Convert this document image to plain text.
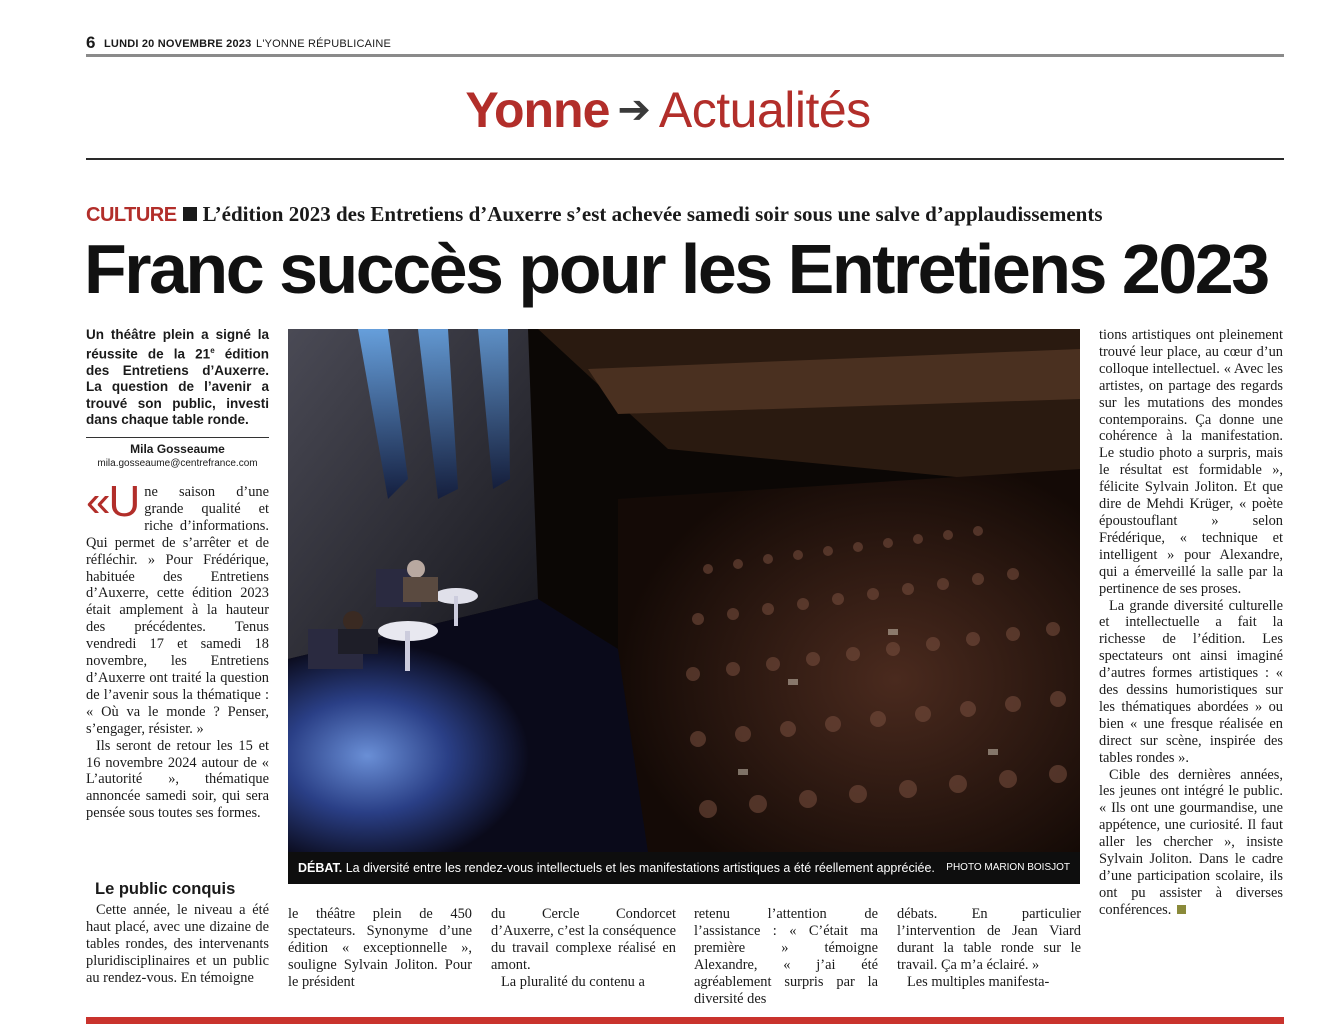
6 LUNDI 20 NOVEMBRE 2023 L'YONNE RÉPUBLICAINE
Yonne ➔ Actualités
CULTURE L’édition 2023 des Entretiens d’Auxerre s’est achevée samedi soir sous une salve d’applaudissements
Franc succès pour les Entretiens 2023
Un théâtre plein a signé la réussite de la 21e édition des Entretiens d’Auxerre. La question de l’avenir a trouvé son public, investi dans chaque table ronde.
Mila Gosseaume
mila.gosseaume@centrefrance.com

«Une saison d’une grande qualité et riche d’informations. Qui permet de s’arrêter et de réfléchir. » Pour Frédérique, habituée des Entretiens d’Auxerre, cette édition 2023 était amplement à la hauteur des précédentes. Tenus vendredi 17 et samedi 18 novembre, les Entretiens d’Auxerre ont traité la question de l’avenir sous la thématique : « Où va le monde ? Penser, s’engager, résister. »

Ils seront de retour les 15 et 16 novembre 2024 autour de « L’autorité », thématique annoncée samedi soir, qui sera pensée sous toutes ses formes.

Le public conquis

Cette année, le niveau a été haut placé, avec une dizaine de tables rondes, des intervenants pluridisciplinaires et un public au rendez-vous. En témoigne

DÉBAT. La diversité entre les rendez-vous intellectuels et les manifestations artistiques a été réellement appréciée. PHOTO MARION BOISJOT

tions artistiques ont pleinement trouvé leur place, au cœur d’un colloque intellectuel. « Avec les artistes, on partage des regards sur les mutations des mondes contemporains. Ça donne une cohérence à la manifestation. Le studio photo a surpris, mais le résultat est formidable », félicite Sylvain Joliton. Et que dire de Mehdi Krüger, « poète époustouflant » selon Frédérique, « technique et intelligent » pour Alexandre, qui a émerveillé la salle par la pertinence de ses proses.

La grande diversité culturelle et intellectuelle a fait la richesse de l’édition. Les spectateurs ont ainsi imaginé d’autres formes artistiques : « des dessins humoristiques sur les thématiques abordées » ou bien « une fresque réalisée en direct sur scène, inspirée des tables rondes ».

Cible des dernières années, les jeunes ont intégré le public. « Ils ont une gourmandise, une appétence, une curiosité. Il faut aller les chercher », insiste Sylvain Joliton. Dans le cadre d’une participation scolaire, ils ont pu assister à diverses conférences.

le théâtre plein de 450 spectateurs. Synonyme d’une édition « exceptionnelle », souligne Sylvain Joliton. Pour le président

du Cercle Condorcet d’Auxerre, c’est la conséquence du travail complexe réalisé en amont.

La pluralité du contenu a

retenu l’attention de l’assistance : « C’était ma première » témoigne Alexandre, « j’ai été agréablement surpris par la diversité des

débats. En particulier l’intervention de Jean Viard durant la table ronde sur le travail. Ça m’a éclairé. »

Les multiples manifesta-
